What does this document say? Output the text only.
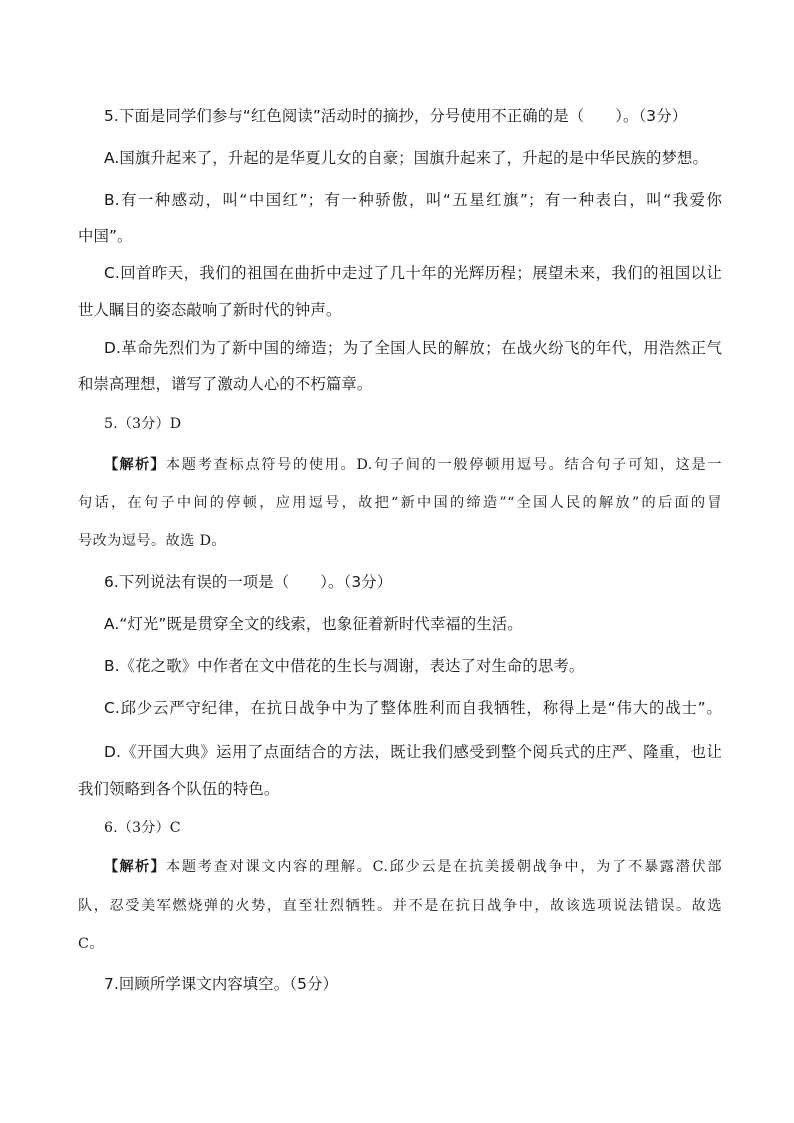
5.下面是同学们参与“红色阅读”活动时的摘抄，分号使用不正确的是（　　）。（3分）
A.国旗升起来了，升起的是华夏儿女的自豪；国旗升起来了，升起的是中华民族的梦想。
B.有一种感动，叫“中国红”；有一种骄傲，叫“五星红旗”；有一种表白，叫“我爱你
中国”。
C.回首昨天，我们的祖国在曲折中走过了几十年的光辉历程；展望未来，我们的祖国以让
世人瞩目的姿态敲响了新时代的钟声。
D.革命先烈们为了新中国的缔造；为了全国人民的解放；在战火纷飞的年代，用浩然正气
和崇高理想，谱写了激动人心的不朽篇章。
5.（3分）D
【解析】本题考查标点符号的使用。D.句子间的一般停顿用逗号。结合句子可知，这是一
句话，在句子中间的停顿，应用逗号，故把“新中国的缔造”“全国人民的解放”的后面的冒
号改为逗号。故选 D。
6.下列说法有误的一项是（　　）。（3分）
A.“灯光”既是贯穿全文的线索，也象征着新时代幸福的生活。
B.《花之歌》中作者在文中借花的生长与凋谢，表达了对生命的思考。
C.邱少云严守纪律，在抗日战争中为了整体胜利而自我牺牲，称得上是“伟大的战士”。
D.《开国大典》运用了点面结合的方法，既让我们感受到整个阅兵式的庄严、隆重，也让
我们领略到各个队伍的特色。
6.（3分）C
【解析】本题考查对课文内容的理解。C.邱少云是在抗美援朝战争中，为了不暴露潜伏部
队，忍受美军燃烧弹的火势，直至壮烈牺牲。并不是在抗日战争中，故该选项说法错误。故选
C。
7.回顾所学课文内容填空。（5分）
